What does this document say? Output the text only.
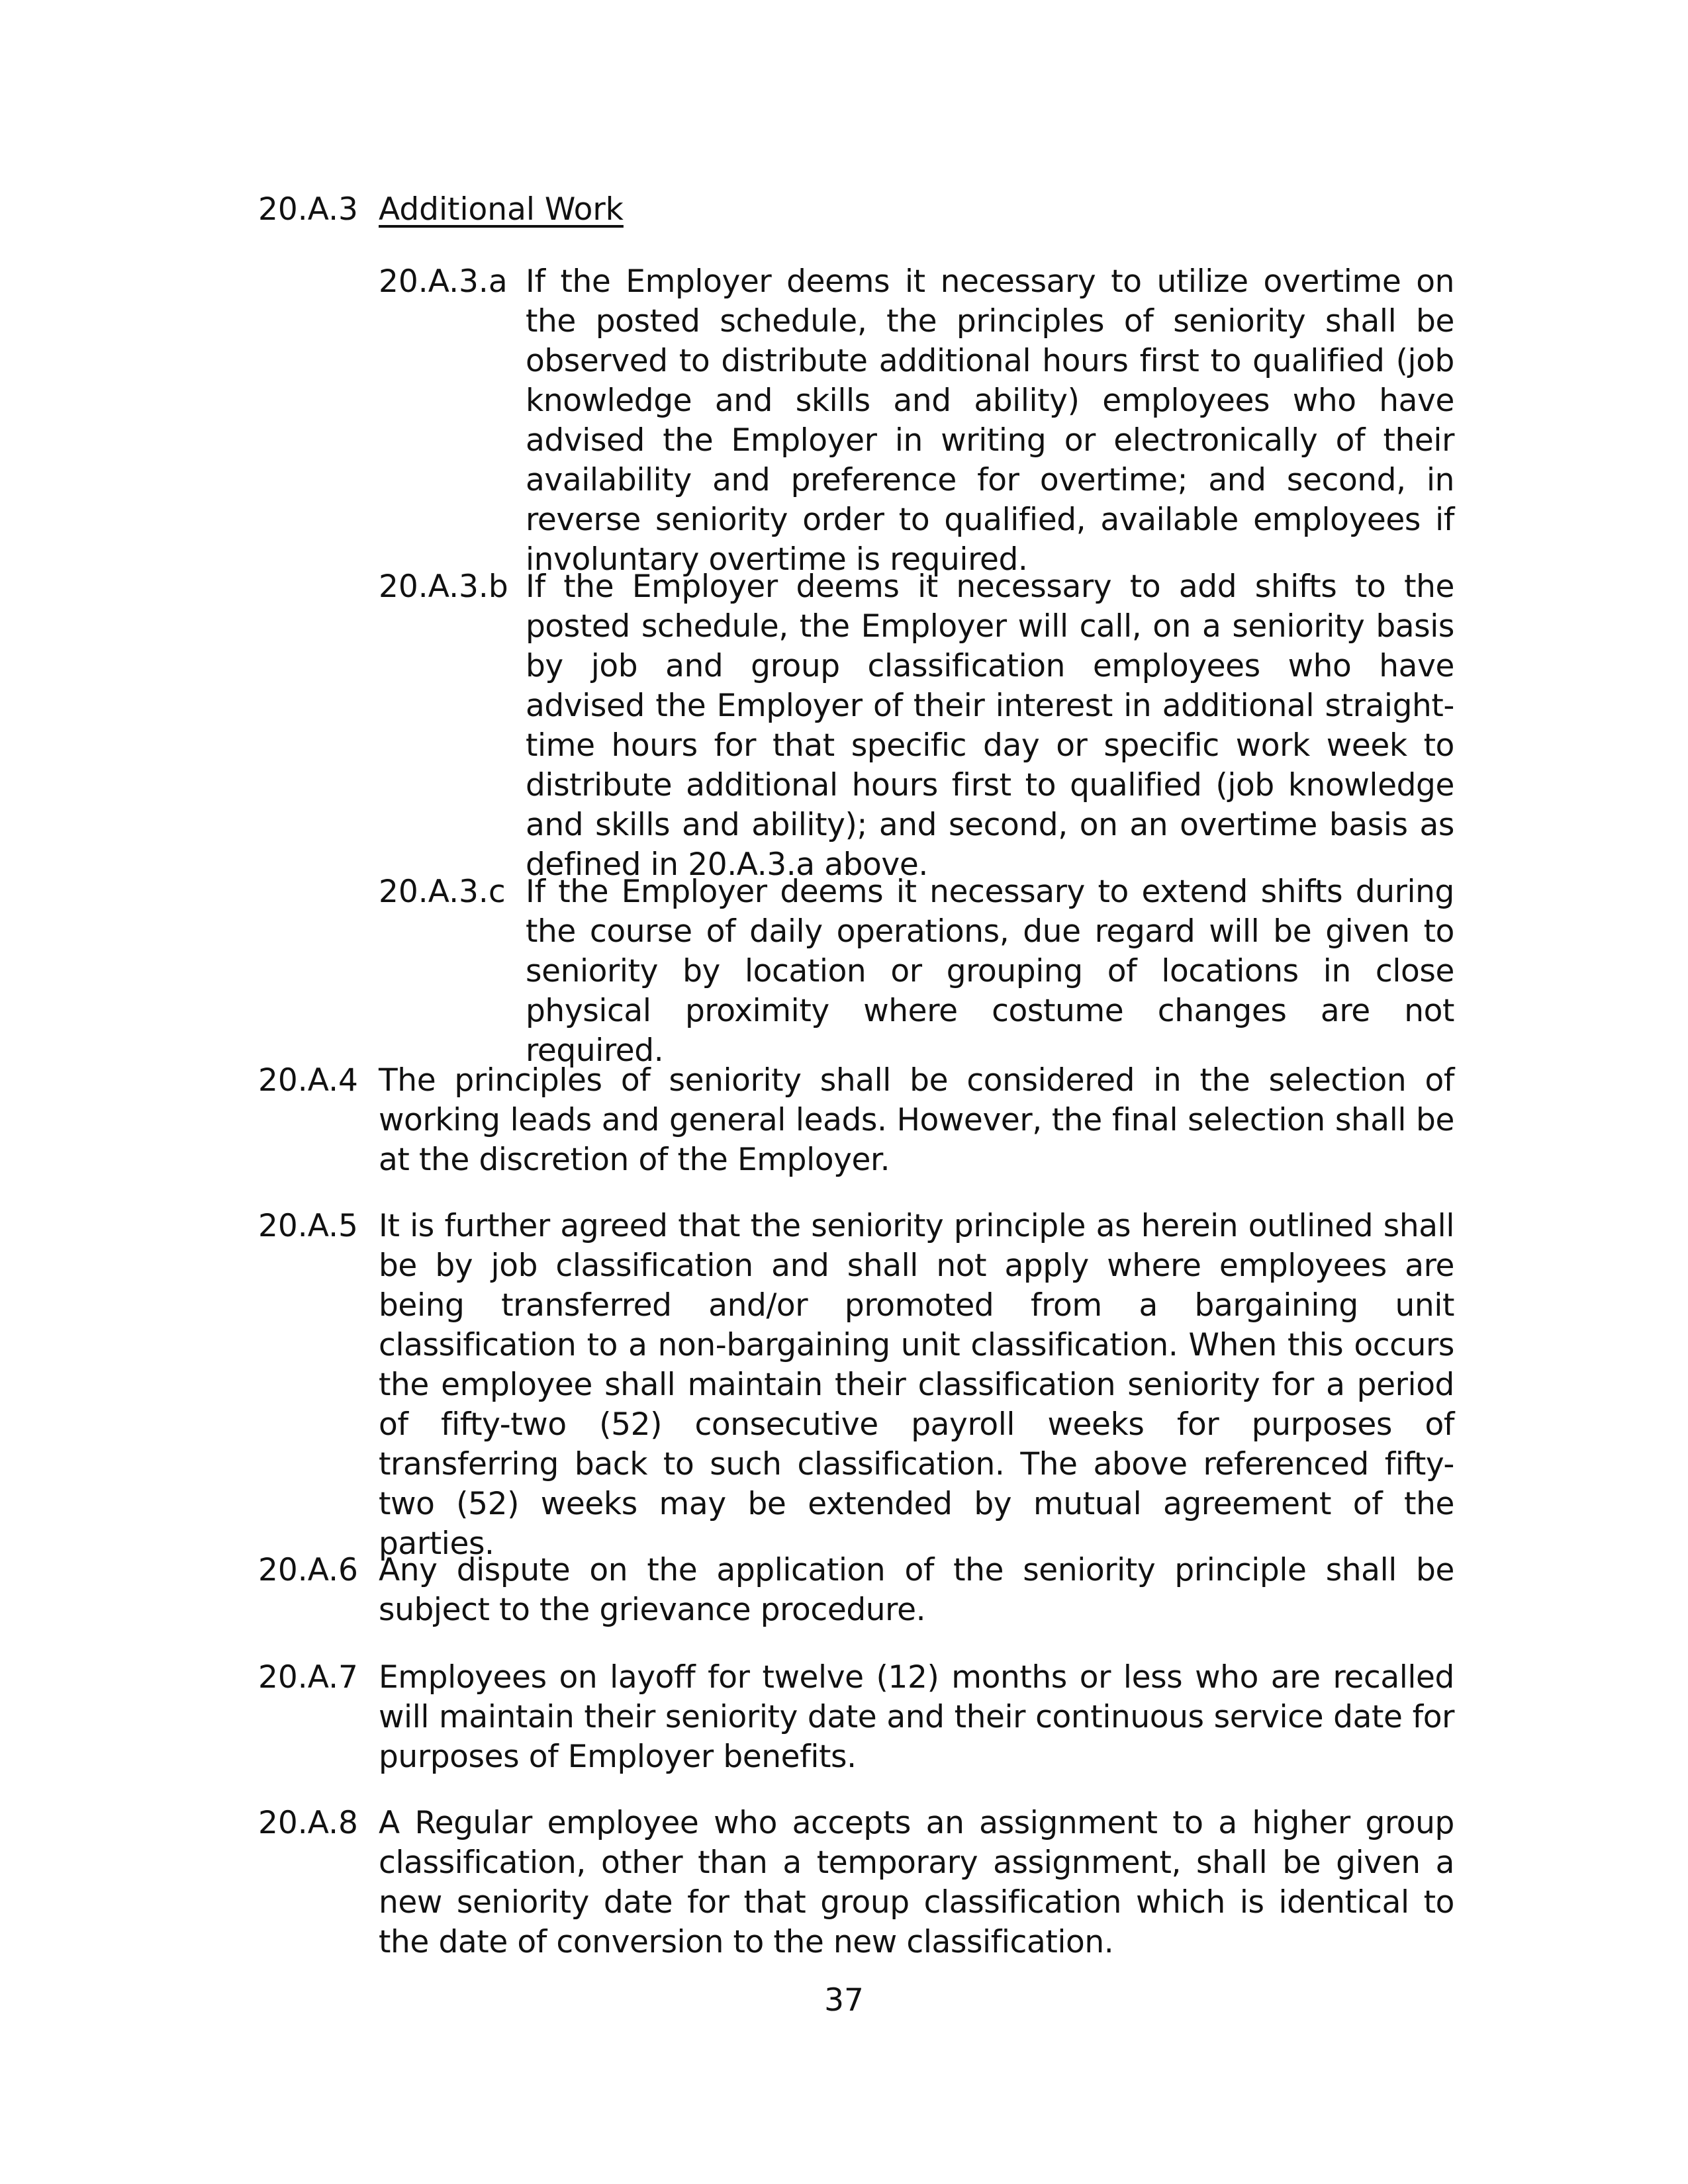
20.A.3 Additional Work
20.A.3.a If the Employer deems it necessary to utilize overtime on the posted schedule, the principles of seniority shall be observed to distribute additional hours first to qualified (job knowledge and skills and ability) employees who have advised the Employer in writing or electronically of their availability and preference for overtime; and second, in reverse seniority order to qualified, available employees if involuntary overtime is required.
20.A.3.b If the Employer deems it necessary to add shifts to the posted schedule, the Employer will call, on a seniority basis by job and group classification employees who have advised the Employer of their interest in additional straight-time hours for that specific day or specific work week to distribute additional hours first to qualified (job knowledge and skills and ability); and second, on an overtime basis as defined in 20.A.3.a above.
20.A.3.c If the Employer deems it necessary to extend shifts during the course of daily operations, due regard will be given to seniority by location or grouping of locations in close physical proximity where costume changes are not required.
20.A.4 The principles of seniority shall be considered in the selection of working leads and general leads. However, the final selection shall be at the discretion of the Employer.
20.A.5 It is further agreed that the seniority principle as herein outlined shall be by job classification and shall not apply where employees are being transferred and/or promoted from a bargaining unit classification to a non-bargaining unit classification. When this occurs the employee shall maintain their classification seniority for a period of fifty-two (52) consecutive payroll weeks for purposes of transferring back to such classification. The above referenced fifty-two (52) weeks may be extended by mutual agreement of the parties.
20.A.6 Any dispute on the application of the seniority principle shall be subject to the grievance procedure.
20.A.7 Employees on layoff for twelve (12) months or less who are recalled will maintain their seniority date and their continuous service date for purposes of Employer benefits.
20.A.8 A Regular employee who accepts an assignment to a higher group classification, other than a temporary assignment, shall be given a new seniority date for that group classification which is identical to the date of conversion to the new classification.
37
